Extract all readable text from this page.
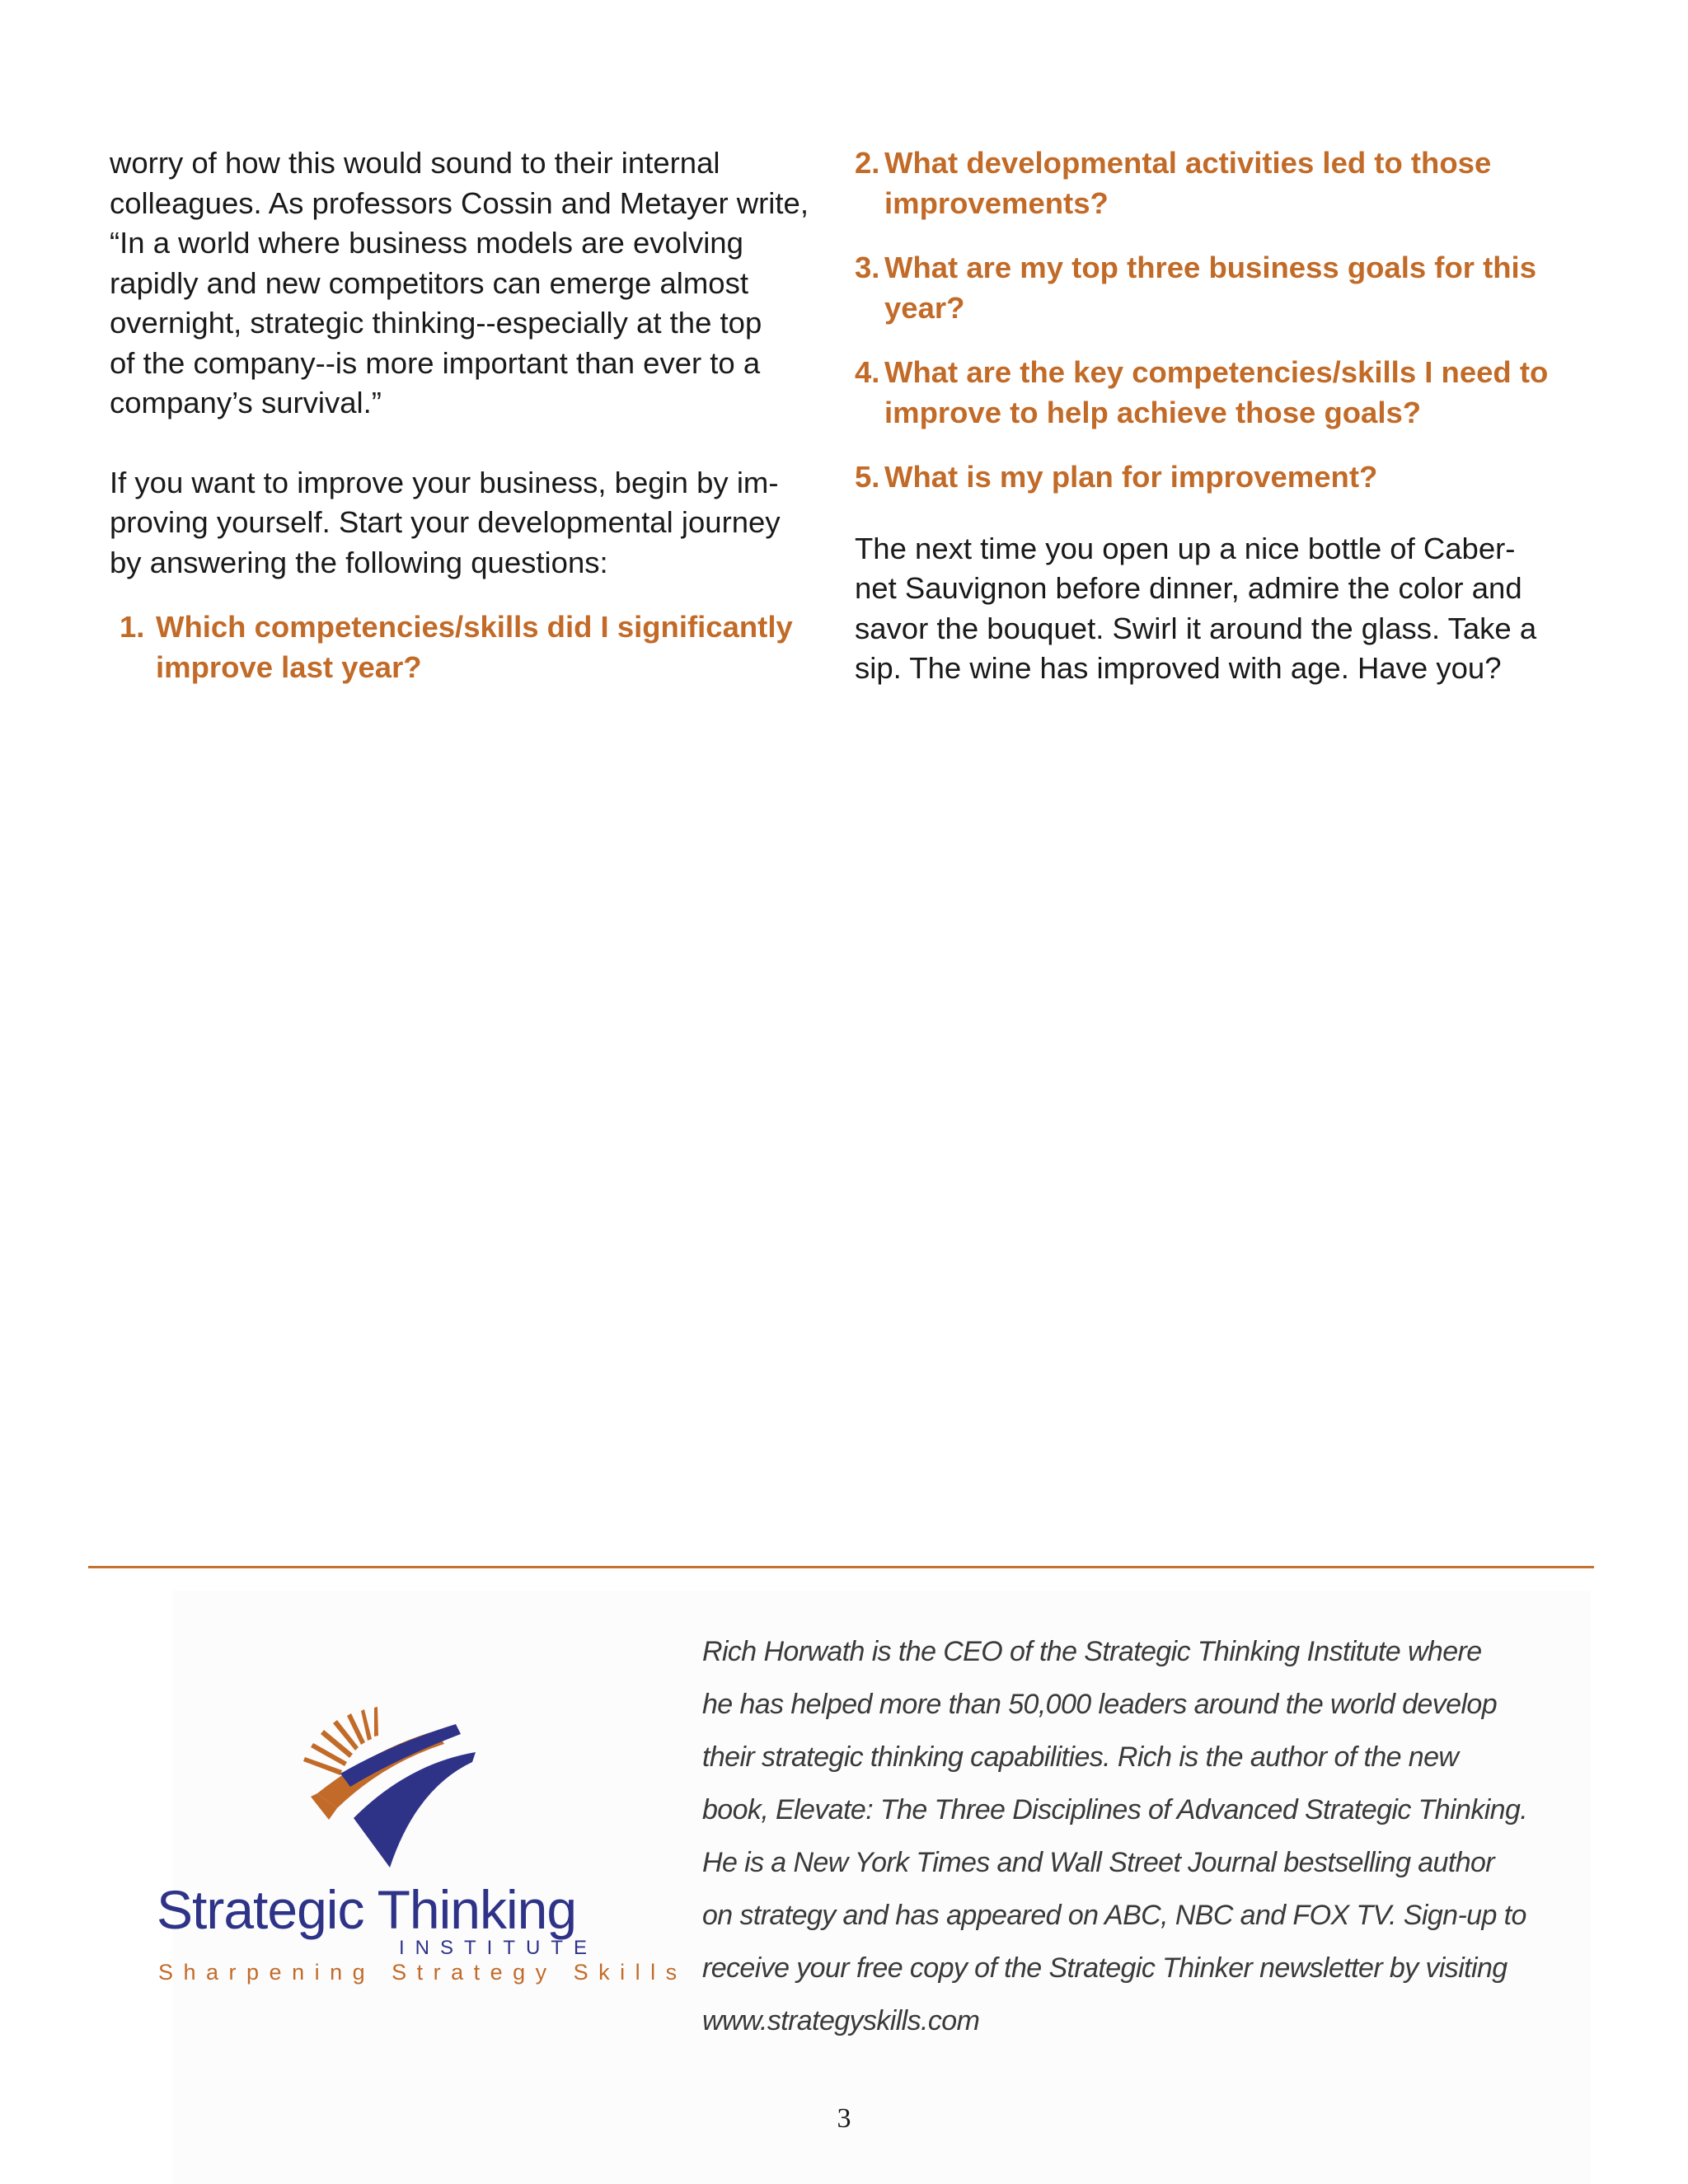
worry of how this would sound to their internal
colleagues. As professors Cossin and Metayer write,
“In a world where business models are evolving
rapidly and new competitors can emerge almost
overnight, strategic thinking--especially at the top
of the company--is more important than ever to a
company’s survival.”

If you want to improve your business, begin by im-
proving yourself. Start your developmental journey
by answering the following questions:

1. Which competencies/skills did I significantly
improve last year?
2. What developmental activities led to those
improvements?
3. What are my top three business goals for this
year?
4. What are the key competencies/skills I need to
improve to help achieve those goals?
5. What is my plan for improvement?

The next time you open up a nice bottle of Caber-
net Sauvignon before dinner, admire the color and
savor the bouquet. Swirl it around the glass. Take a
sip. The wine has improved with age. Have you?

Strategic Thinking
INSTITUTE
Sharpening Strategy Skills
Rich Horwath is the CEO of the Strategic Thinking Institute where
he has helped more than 50,000 leaders around the world develop
their strategic thinking capabilities. Rich is the author of the new
book, Elevate: The Three Disciplines of Advanced Strategic Thinking.
He is a New York Times and Wall Street Journal bestselling author
on strategy and has appeared on ABC, NBC and FOX TV. Sign-up to
receive your free copy of the Strategic Thinker newsletter by visiting
www.strategyskills.com
3
